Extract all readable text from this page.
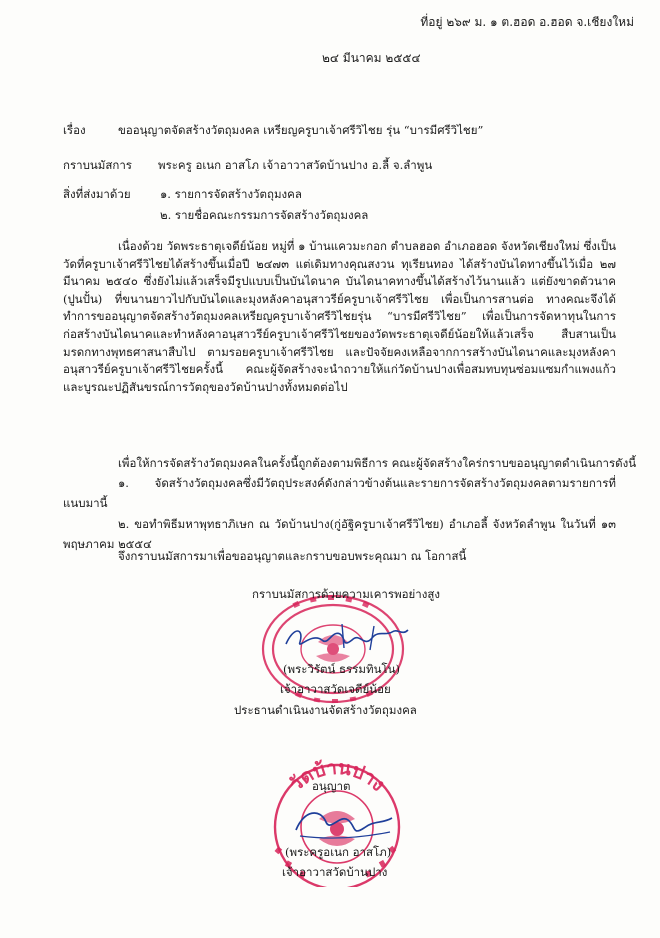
ที่อยู่ ๒๖๙ ม. ๑ ต.ฮอด อ.ฮอด จ.เชียงใหม่
๒๔ มีนาคม ๒๕๕๔
เรื่อง	ขออนุญาตจัดสร้างวัตถุมงคล เหรียญครูบาเจ้าศรีวิไชย รุ่น “บารมีศรีวิไชย”
กราบนมัสการ พระครู อเนก อาสโภ เจ้าอาวาสวัดบ้านปาง อ.ลี้ จ.ลำพูน
สิ่งที่ส่งมาด้วย	๑. รายการจัดสร้างวัตถุมงคล
๒. รายชื่อคณะกรรมการจัดสร้างวัตถุมงคล

เนื่องด้วย วัดพระธาตุเจดีย์น้อย หมู่ที่ ๑ บ้านแควมะกอก ตำบลฮอด อำเภอฮอด จังหวัดเชียงใหม่ ซึ่งเป็นวัดที่ครูบาเจ้าศรีวิไชยได้สร้างขึ้นเมื่อปี ๒๔๗๓ แต่เดิมทางคุณสงวน ทุเรียนทอง ได้สร้างบันไดทางขึ้นไว้เมื่อ ๒๗ มีนาคม ๒๕๔๐ ซึ่งยังไม่แล้วเสร็จมีรูปแบบเป็นบันไดนาค บันไดนาคทางขึ้นได้สร้างไว้นานแล้ว แต่ยังขาดตัวนาค (ปูนปั้น) ที่ขนานยาวไปกับบันไดและมุงหลังคาอนุสาวรีย์ครูบาเจ้าศรีวิไชย เพื่อเป็นการสานต่อ ทางคณะจึงได้ทำการขออนุญาตจัดสร้างวัตถุมงคลเหรียญครูบาเจ้าศรีวิไชยรุ่น “บารมีศรีวิไชย” เพื่อเป็นการจัดหาทุนในการก่อสร้างบันไดนาคและทำหลังคาอนุสาวรีย์ครูบาเจ้าศรีวิไชยของวัดพระธาตุเจดีย์น้อยให้แล้วเสร็จ สืบสานเป็นมรดกทางพุทธศาสนาสืบไป ตามรอยครูบาเจ้าศรีวิไชย และปัจจัยคงเหลือจากการสร้างบันไดนาคและมุงหลังคาอนุสาวรีย์ครูบาเจ้าศรีวิไชยครั้งนี้ คณะผู้จัดสร้างจะนำถวายให้แก่วัดบ้านปางเพื่อสมทบทุนซ่อมแซมกำแพงแก้วและบูรณะปฏิสันขรณ์การวัตถุของวัดบ้านปางทั้งหมดต่อไป

เพื่อให้การจัดสร้างวัตถุมงคลในครั้งนี้ถูกต้องตามพิธีการ คณะผู้จัดสร้างใคร่กราบขออนุญาตดำเนินการดังนี้

๑. จัดสร้างวัตถุมงคลซึ่งมีวัตถุประสงค์ดังกล่าวข้างต้นและรายการจัดสร้างวัตถุมงคลตามรายการที่แนบมานี้

๒. ขอทำพิธีมหาพุทธาภิเษก ณ วัดบ้านปาง(กู่อัฐิครูบาเจ้าศรีวิไชย) อำเภอลี้ จังหวัดลำพูน ในวันที่ ๑๓ พฤษภาคม ๒๕๕๔

จึงกราบนมัสการมาเพื่อขออนุญาตและกราบขอบพระคุณมา ณ โอกาสนี้
กราบนมัสการด้วยความเคารพอย่างสูง
(พระวิรัตน์ ธรรมทินโน)
เจ้าอาวาสวัดเจดีย์น้อย
ประธานดำเนินงานจัดสร้างวัตถุมงคล
วัดบ้านปาง
อนุญาต
(พระครูอเนก อาสโภ)
เจ้าอาวาสวัดบ้านปาง
